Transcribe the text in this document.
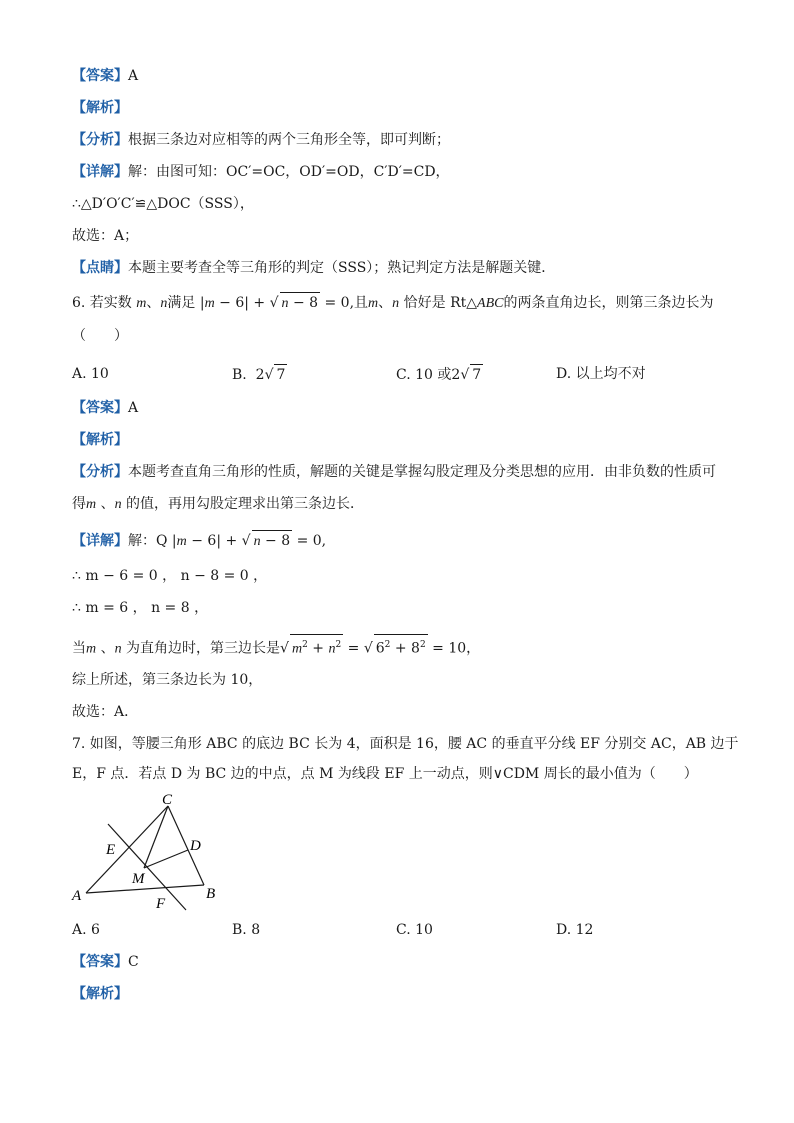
【答案】A
【解析】
【分析】根据三条边对应相等的两个三角形全等，即可判断；
【详解】解：由图可知：OC′=OC，OD′=OD，C′D′=CD，
∴△D′O′C′≌△DOC（SSS），
故选：A；
【点睛】本题主要考查全等三角形的判定（SSS）；熟记判定方法是解题关键．
6. 若实数 m、n满足 |m − 6| + √ n − 8 = 0,且m、n 恰好是 Rt△ABC的两条直角边长，则第三条边长为
（　　）
A. 10	B.  2√ 7	C. 10 或2√ 7	D. 以上均不对
【答案】A
【解析】
【分析】本题考查直角三角形的性质，解题的关键是掌握勾股定理及分类思想的应用．由非负数的性质可
得m 、n 的值，再用勾股定理求出第三条边长．
【详解】解：Q |m − 6| + √ n − 8 = 0,
∴ m − 6 = 0 ， n − 8 = 0 ，
∴ m = 6 ， n = 8 ，
当m 、n 为直角边时，第三边长是√ $m^2 + n^2$ = √ $6^2 + 8^2 = 10$，
综上所述，第三条边长为 10，
故选：A．
7. 如图，等腰三角形 ABC 的底边 BC 长为 4，面积是 16，腰 AC 的垂直平分线 EF 分别交 AC，AB 边于
E，F 点．若点 D 为 BC 边的中点，点 M 为线段 EF 上一动点，则∨CDM 周长的最小值为（　　）
C
E	D
M
A	F
B
A. 6	B. 8	C. 10	D. 12
【答案】C
【解析】
